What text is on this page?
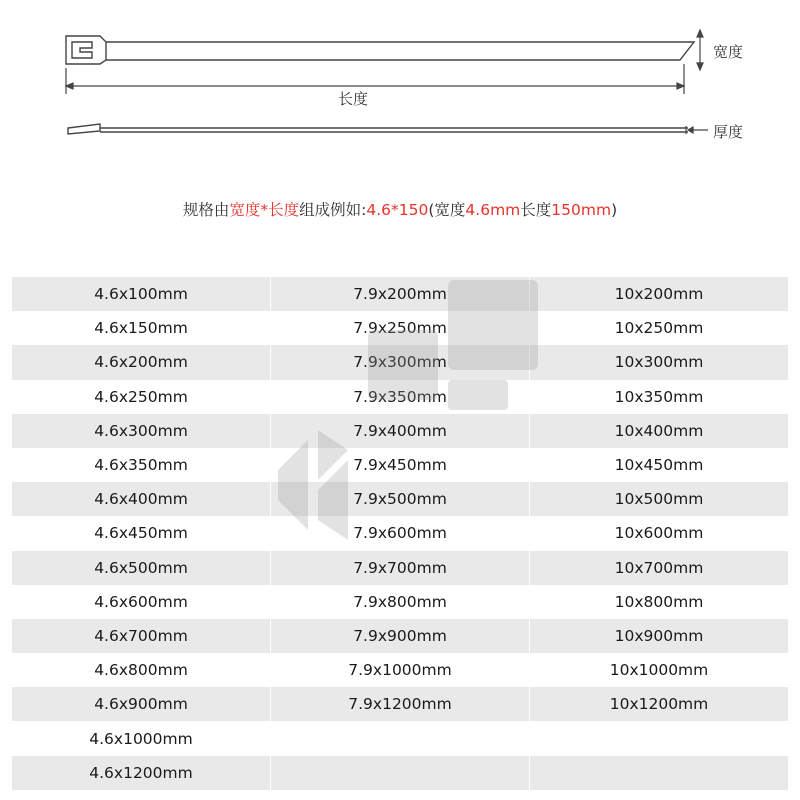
宽度
长度
厚度
规格由宽度*长度组成例如:4.6*150(宽度4.6mm长度150mm)
4.6x100mm	7.9x200mm	10x200mm
4.6x150mm	7.9x250mm	10x250mm
4.6x200mm	7.9x300mm	10x300mm
4.6x250mm	7.9x350mm	10x350mm
4.6x300mm	7.9x400mm	10x400mm
4.6x350mm	7.9x450mm	10x450mm
4.6x400mm	7.9x500mm	10x500mm
4.6x450mm	7.9x600mm	10x600mm
4.6x500mm	7.9x700mm	10x700mm
4.6x600mm	7.9x800mm	10x800mm
4.6x700mm	7.9x900mm	10x900mm
4.6x800mm	7.9x1000mm	10x1000mm
4.6x900mm	7.9x1200mm	10x1200mm
4.6x1000mm		
4.6x1200mm		
